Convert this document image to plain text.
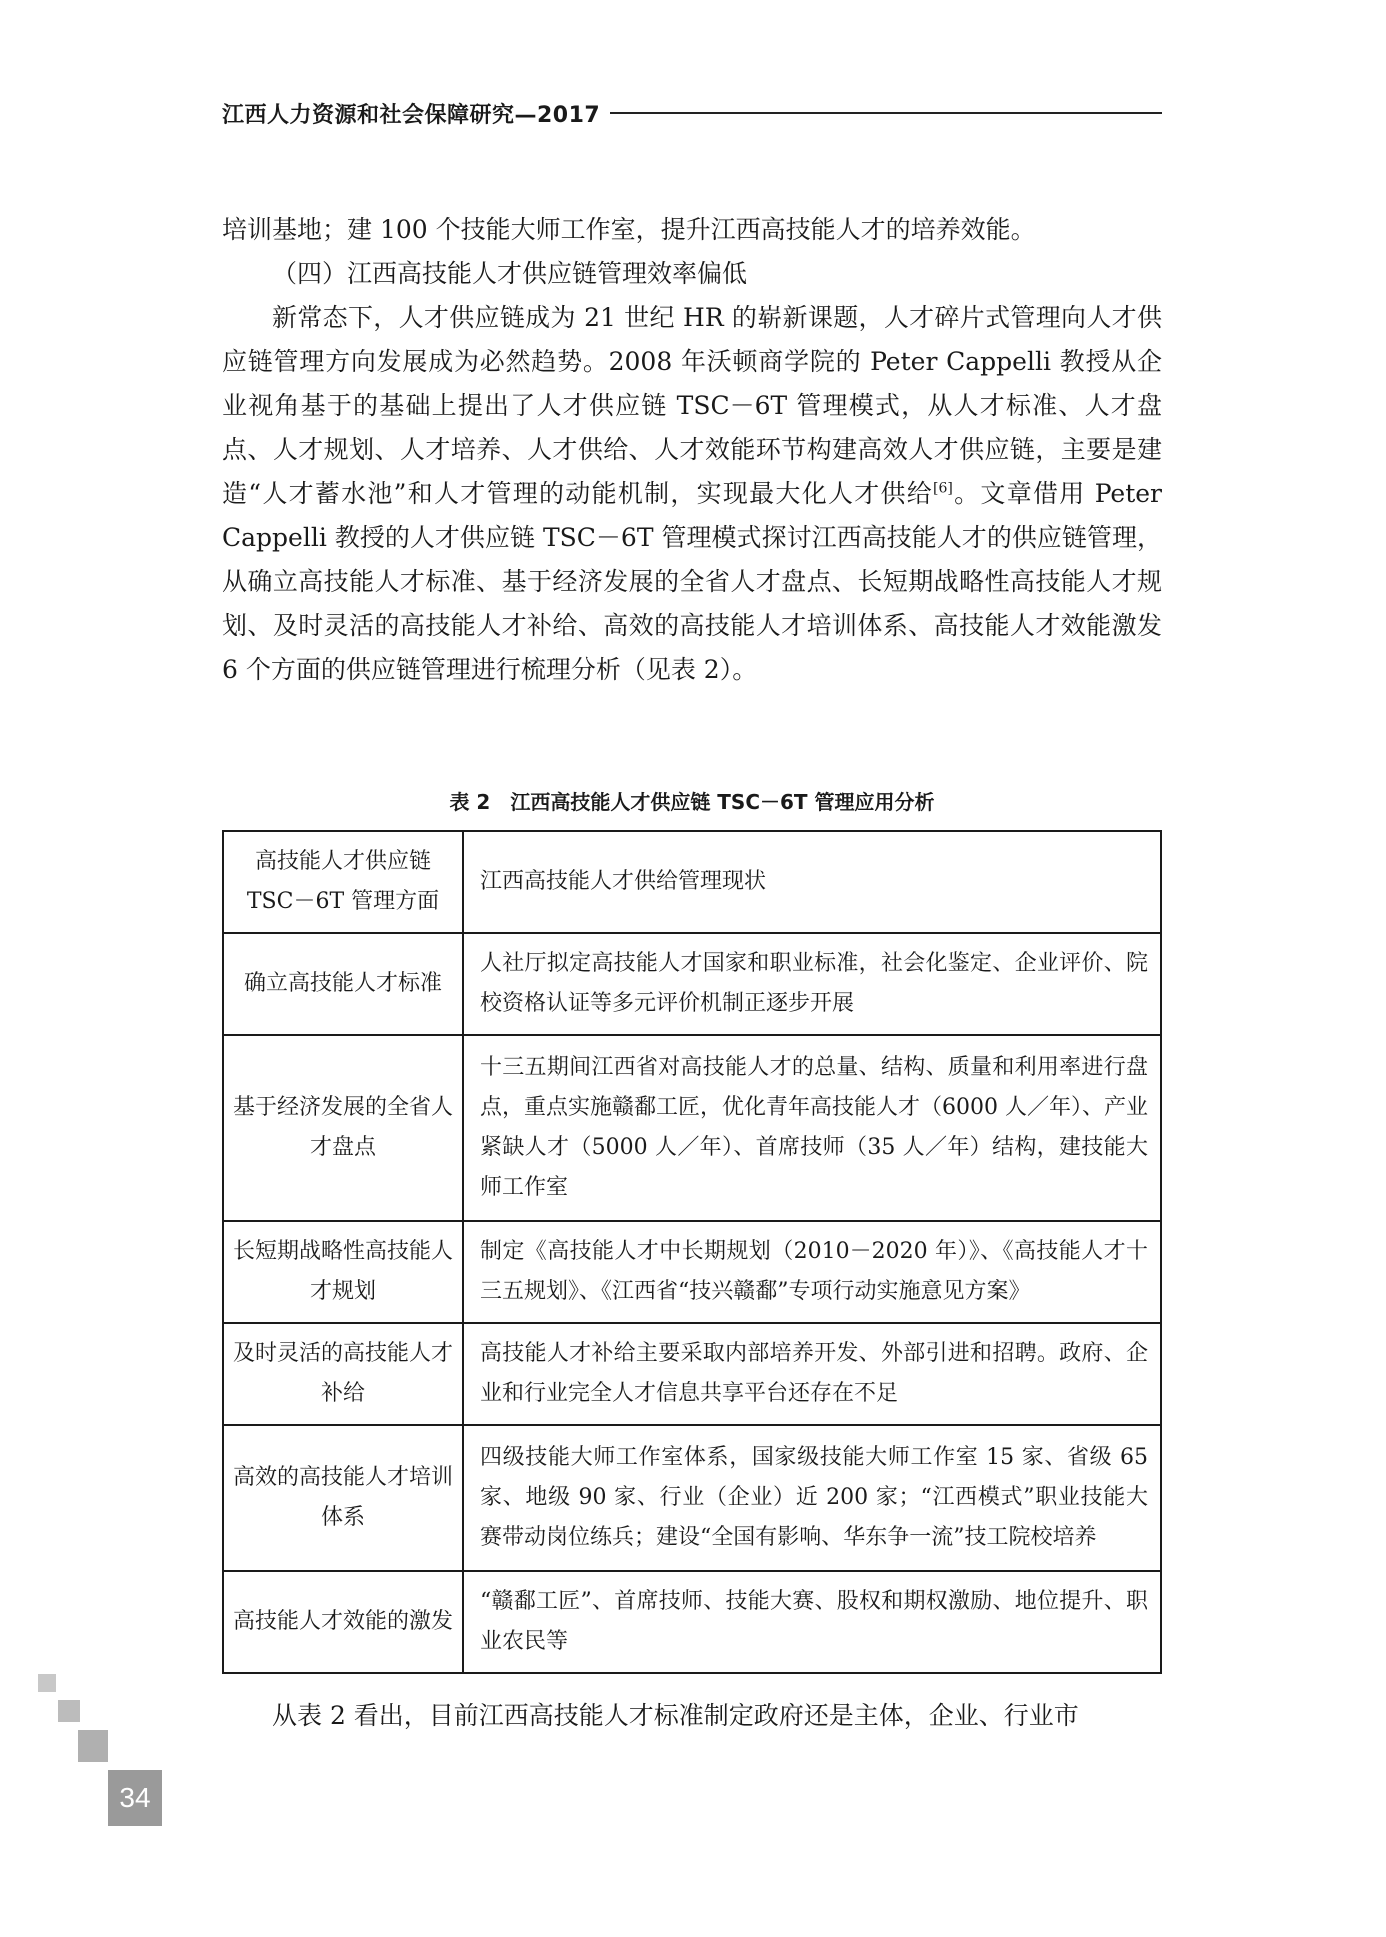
江西人力资源和社会保障研究—2017

培训基地；建 100 个技能大师工作室，提升江西高技能人才的培养效能。

（四）江西高技能人才供应链管理效率偏低

新常态下，人才供应链成为 21 世纪 HR 的崭新课题，人才碎片式管理向人才供应链管理方向发展成为必然趋势。2008 年沃顿商学院的 Peter Cappelli 教授从企业视角基于的基础上提出了人才供应链 TSC－6T 管理模式，从人才标准、人才盘点、人才规划、人才培养、人才供给、人才效能环节构建高效人才供应链，主要是建造“人才蓄水池”和人才管理的动能机制，实现最大化人才供给[6]。文章借用 Peter Cappelli 教授的人才供应链 TSC－6T 管理模式探讨江西高技能人才的供应链管理，从确立高技能人才标准、基于经济发展的全省人才盘点、长短期战略性高技能人才规划、及时灵活的高技能人才补给、高效的高技能人才培训体系、高技能人才效能激发 6 个方面的供应链管理进行梳理分析（见表 2）。

表 2　江西高技能人才供应链 TSC－6T 管理应用分析
高技能人才供应链 TSC－6T 管理方面	江西高技能人才供给管理现状
确立高技能人才标准	人社厅拟定高技能人才国家和职业标准，社会化鉴定、企业评价、院校资格认证等多元评价机制正逐步开展
基于经济发展的全省人才盘点	十三五期间江西省对高技能人才的总量、结构、质量和利用率进行盘点，重点实施赣鄱工匠，优化青年高技能人才（6000 人／年）、产业紧缺人才（5000 人／年）、首席技师（35 人／年）结构，建技能大师工作室
长短期战略性高技能人才规划	制定《高技能人才中长期规划（2010－2020 年）》、《高技能人才十三五规划》、《江西省“技兴赣鄱”专项行动实施意见方案》
及时灵活的高技能人才补给	高技能人才补给主要采取内部培养开发、外部引进和招聘。政府、企业和行业完全人才信息共享平台还存在不足
高效的高技能人才培训体系	四级技能大师工作室体系，国家级技能大师工作室 15 家、省级 65 家、地级 90 家、行业（企业）近 200 家；“江西模式”职业技能大赛带动岗位练兵；建设“全国有影响、华东争一流”技工院校培养
高技能人才效能的激发	“赣鄱工匠”、首席技师、技能大赛、股权和期权激励、地位提升、职业农民等

从表 2 看出，目前江西高技能人才标准制定政府还是主体，企业、行业市

34
